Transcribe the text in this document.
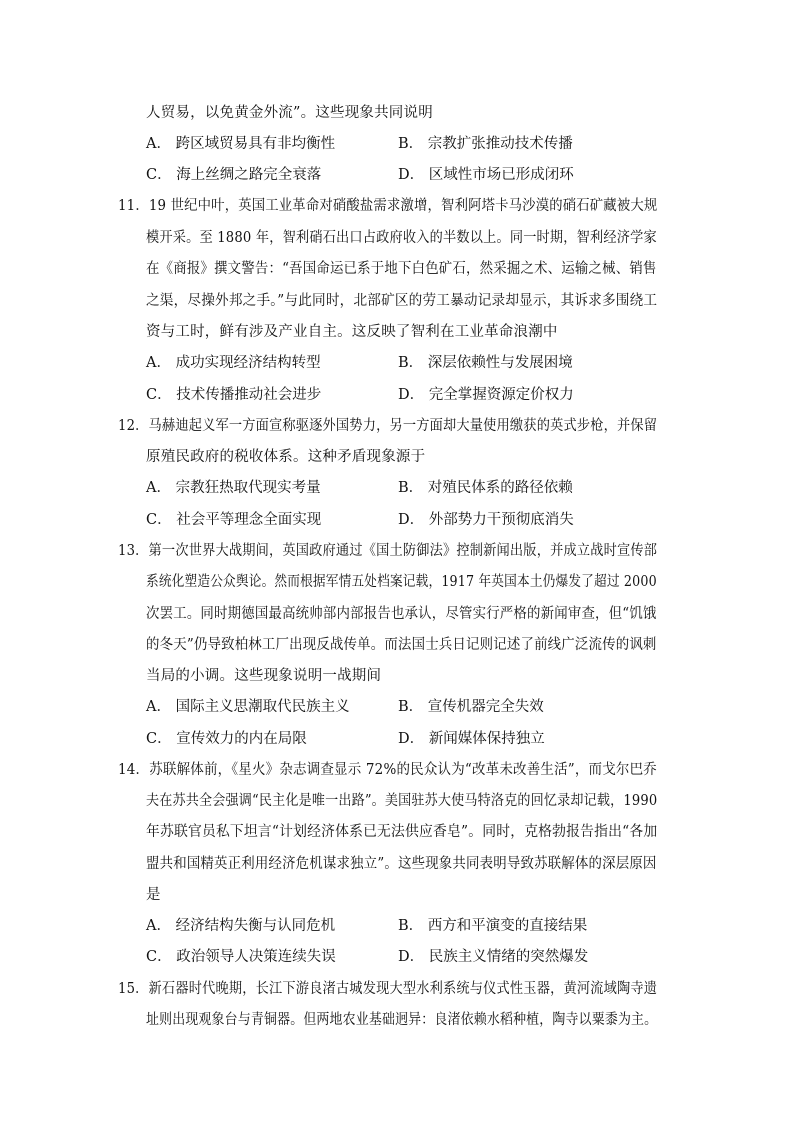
人贸易，以免黄金外流”。这些现象共同说明
A． 跨区域贸易具有非均衡性	B． 宗教扩张推动技术传播
C． 海上丝绸之路完全衰落	D． 区域性市场已形成闭环
11．19 世纪中叶，英国工业革命对硝酸盐需求激增，智利阿塔卡马沙漠的硝石矿藏被大规
模开采。至 1880 年，智利硝石出口占政府收入的半数以上。同一时期，智利经济学家
在《商报》撰文警告：“吾国命运已系于地下白色矿石，然采掘之术、运输之械、销售
之渠，尽操外邦之手。”与此同时，北部矿区的劳工暴动记录却显示，其诉求多围绕工
资与工时，鲜有涉及产业自主。这反映了智利在工业革命浪潮中
A． 成功实现经济结构转型	B． 深层依赖性与发展困境
C． 技术传播推动社会进步	D． 完全掌握资源定价权力
12．马赫迪起义军一方面宣称驱逐外国势力，另一方面却大量使用缴获的英式步枪，并保留
原殖民政府的税收体系。这种矛盾现象源于
A． 宗教狂热取代现实考量	B． 对殖民体系的路径依赖
C． 社会平等理念全面实现	D． 外部势力干预彻底消失
13．第一次世界大战期间，英国政府通过《国土防御法》控制新闻出版，并成立战时宣传部
系统化塑造公众舆论。然而根据军情五处档案记载，1917 年英国本土仍爆发了超过 2000
次罢工。同时期德国最高统帅部内部报告也承认，尽管实行严格的新闻审查，但“饥饿
的冬天”仍导致柏林工厂出现反战传单。而法国士兵日记则记述了前线广泛流传的讽刺
当局的小调。这些现象说明一战期间
A． 国际主义思潮取代民族主义	B． 宣传机器完全失效
C． 宣传效力的内在局限	D． 新闻媒体保持独立
14．苏联解体前，《星火》杂志调查显示 72%的民众认为“改革未改善生活”，而戈尔巴乔
夫在苏共全会强调“民主化是唯一出路”。美国驻苏大使马特洛克的回忆录却记载，1990
年苏联官员私下坦言“计划经济体系已无法供应香皂”。同时，克格勃报告指出“各加
盟共和国精英正利用经济危机谋求独立”。这些现象共同表明导致苏联解体的深层原因
是
A． 经济结构失衡与认同危机	B． 西方和平演变的直接结果
C． 政治领导人决策连续失误	D． 民族主义情绪的突然爆发
15．新石器时代晚期，长江下游良渚古城发现大型水利系统与仪式性玉器，黄河流域陶寺遗
址则出现观象台与青铜器。但两地农业基础迥异：良渚依赖水稻种植，陶寺以粟黍为主。
